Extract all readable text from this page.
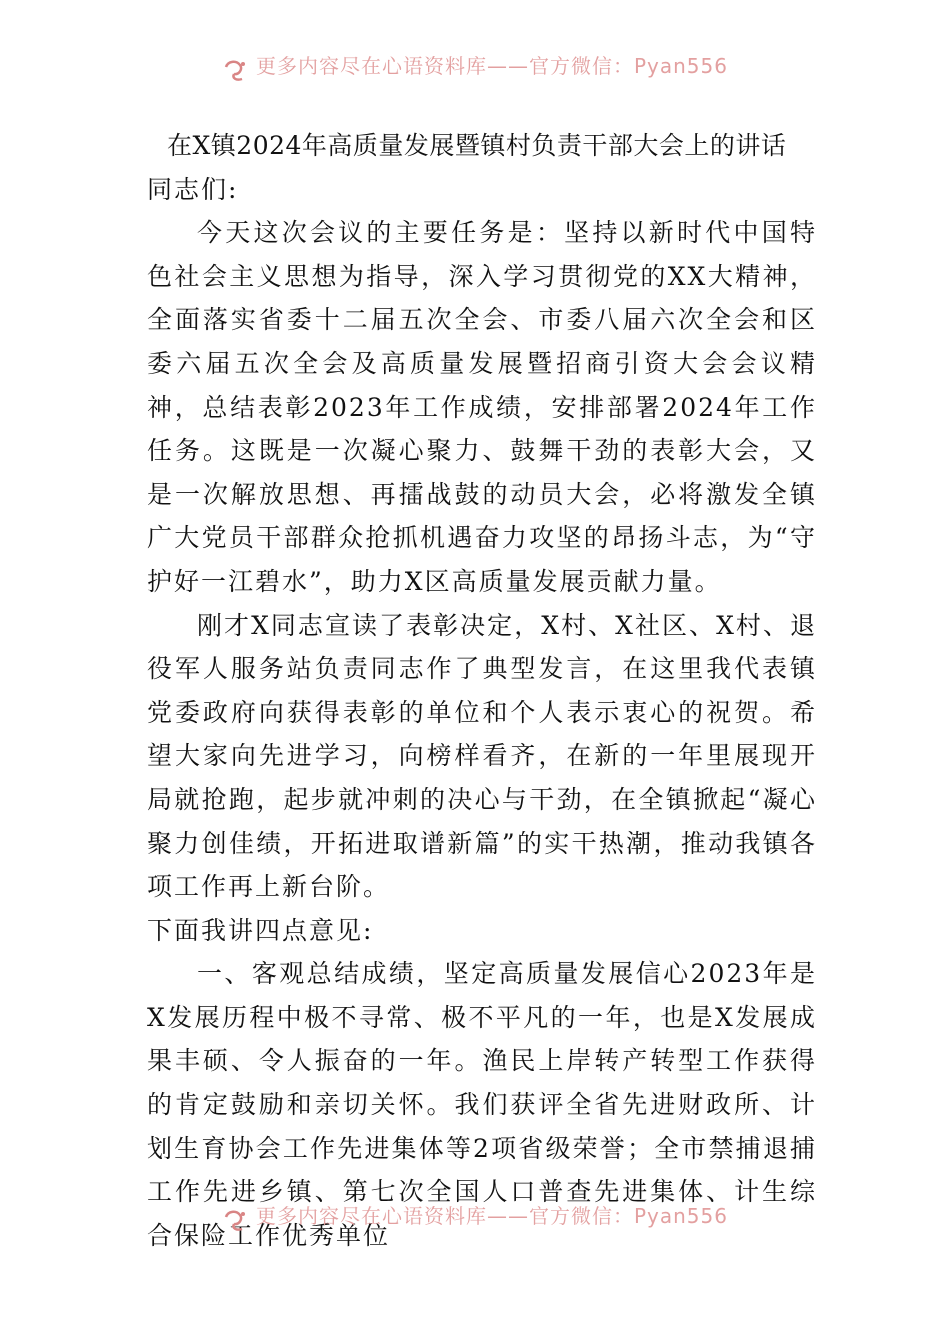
更多内容尽在心语资料库——官方微信：Pyan556
在X镇2024年高质量发展暨镇村负责干部大会上的讲话

同志们:

今天这次会议的主要任务是：坚持以新时代中国特色社会主义思想为指导，深入学习贯彻党的XX大精神，全面落实省委十二届五次全会、市委八届六次全会和区委六届五次全会及高质量发展暨招商引资大会会议精神，总结表彰2023年工作成绩，安排部署2024年工作任务。这既是一次凝心聚力、鼓舞干劲的表彰大会，又是一次解放思想、再擂战鼓的动员大会，必将激发全镇广大党员干部群众抢抓机遇奋力攻坚的昂扬斗志，为“守护好一江碧水”，助力X区高质量发展贡献力量。

刚才X同志宣读了表彰决定，X村、X社区、X村、退役军人服务站负责同志作了典型发言，在这里我代表镇党委政府向获得表彰的单位和个人表示衷心的祝贺。希望大家向先进学习，向榜样看齐，在新的一年里展现开局就抢跑，起步就冲刺的决心与干劲，在全镇掀起“凝心聚力创佳绩，开拓进取谱新篇”的实干热潮，推动我镇各项工作再上新台阶。

下面我讲四点意见:

一、客观总结成绩，坚定高质量发展信心2023年是X发展历程中极不寻常、极不平凡的一年，也是X发展成果丰硕、令人振奋的一年。渔民上岸转产转型工作获得的肯定鼓励和亲切关怀。我们获评全省先进财政所、计划生育协会工作先进集体等2项省级荣誉；全市禁捕退捕工作先进乡镇、第七次全国人口普查先进集体、计生综合保险工作优秀单位

更多内容尽在心语资料库——官方微信：Pyan556
